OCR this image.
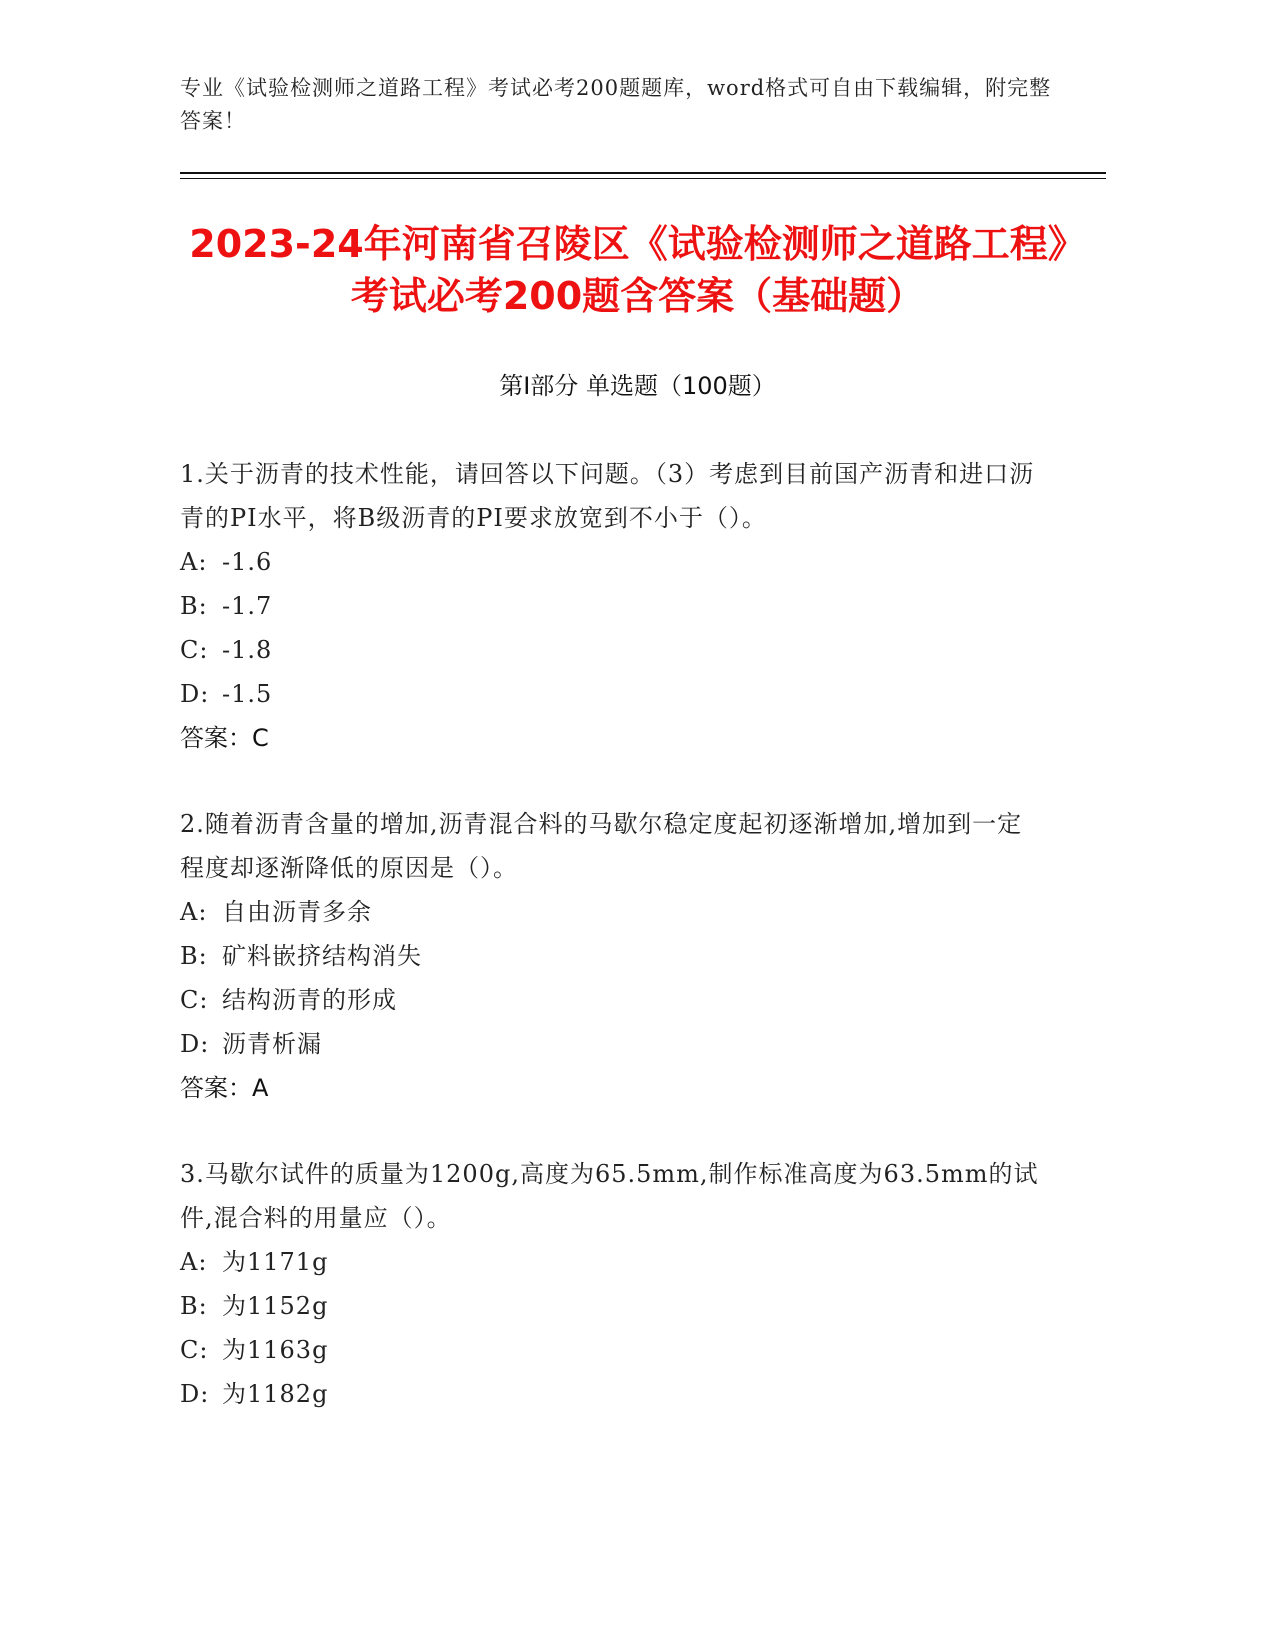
专业《试验检测师之道路工程》考试必考200题题库，word格式可自由下载编辑，附完整答案！
2023-24年河南省召陵区《试验检测师之道路工程》考试必考200题含答案（基础题）
第I部分 单选题（100题）
1.关于沥青的技术性能，请回答以下问题。（3）考虑到目前国产沥青和进口沥青的PI水平，将B级沥青的PI要求放宽到不小于（）。
A: -1.6
B: -1.7
C: -1.8
D: -1.5
答案：C
2.随着沥青含量的增加,沥青混合料的马歇尔稳定度起初逐渐增加,增加到一定程度却逐渐降低的原因是（）。
A: 自由沥青多余
B: 矿料嵌挤结构消失
C: 结构沥青的形成
D: 沥青析漏
答案：A
3.马歇尔试件的质量为1200g,高度为65.5mm,制作标准高度为63.5mm的试件,混合料的用量应（）。
A: 为1171g
B: 为1152g
C: 为1163g
D: 为1182g
